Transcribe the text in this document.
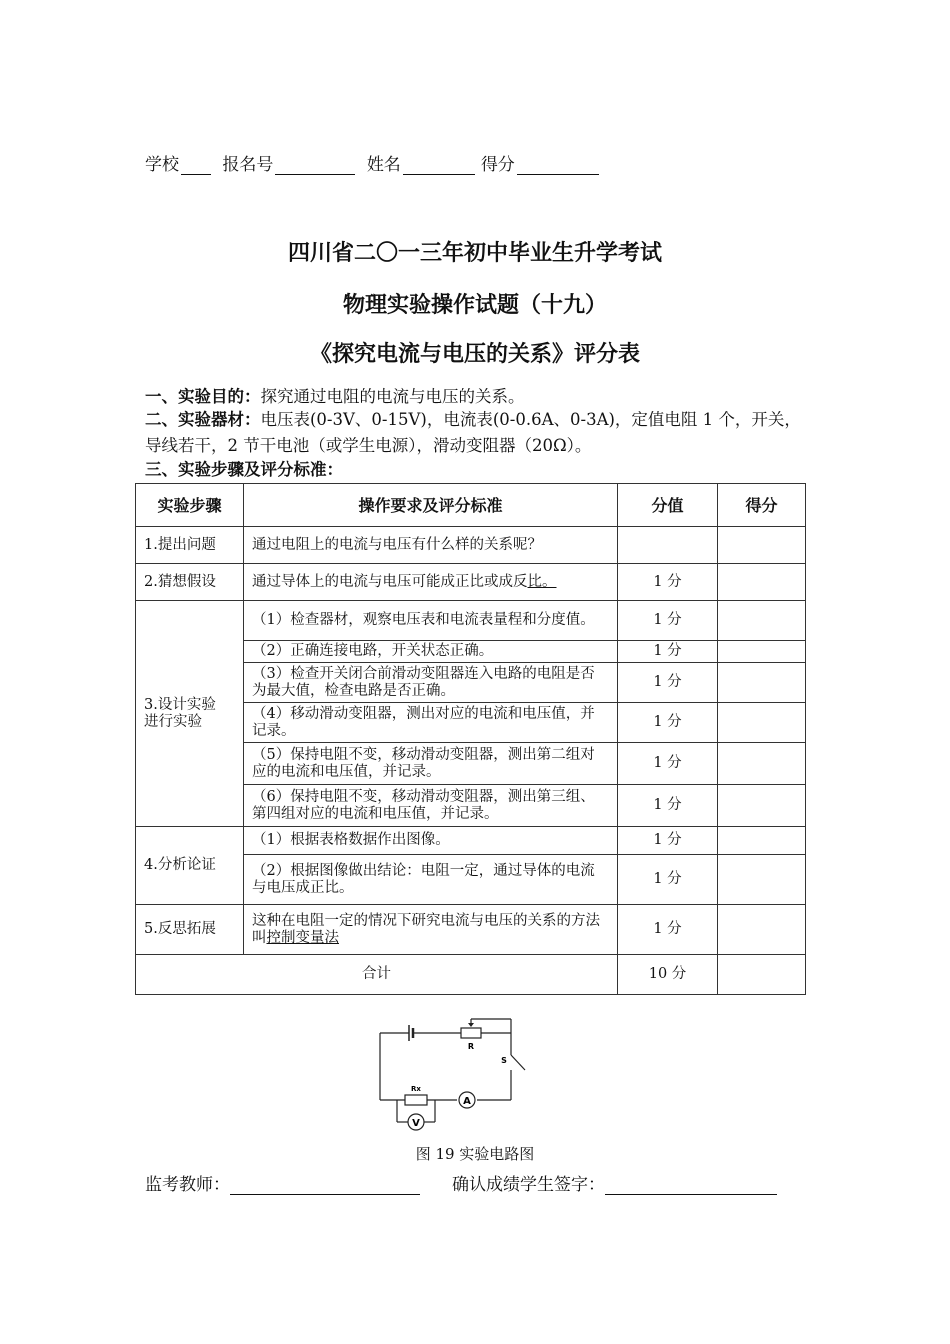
学校	报名号	姓名	得分
四川省二〇一三年初中毕业生升学考试
物理实验操作试题（十九）
《探究电流与电压的关系》评分表
一、实验目的：探究通过电阻的电流与电压的关系。
二、实验器材：电压表(0-3V、0-15V)，电流表(0-0.6A、0-3A)，定值电阻 1 个，开关，
导线若干，2 节干电池（或学生电源），滑动变阻器（20Ω）。
三、实验步骤及评分标准：
实验步骤	操作要求及评分标准	分值	得分
1.提出问题	通过电阻上的电流与电压有什么样的关系呢？		
2.猜想假设	通过导体上的电流与电压可能成正比或成反比。	1 分	
3.设计实验
进行实验	（1）检查器材，观察电压表和电流表量程和分度值。	1 分	
	（2）正确连接电路，开关状态正确。	1 分	
	（3）检查开关闭合前滑动变阻器连入电路的电阻是否为最大值，检查电路是否正确。	1 分	
	（4）移动滑动变阻器，测出对应的电流和电压值，并记录。	1 分	
	（5）保持电阻不变，移动滑动变阻器，测出第二组对应的电流和电压值，并记录。	1 分	
	（6）保持电阻不变，移动滑动变阻器，测出第三组、第四组对应的电流和电压值，并记录。	1 分	
4.分析论证	（1）根据表格数据作出图像。	1 分	
	（2）根据图像做出结论：电阻一定，通过导体的电流与电压成正比。	1 分	
5.反思拓展	这种在电阻一定的情况下研究电流与电压的关系的方法叫控制变量法	1 分	
合计		10 分	
A
V
R
S
Rx
图 19 实验电路图
监考教师：	确认成绩学生签字：
